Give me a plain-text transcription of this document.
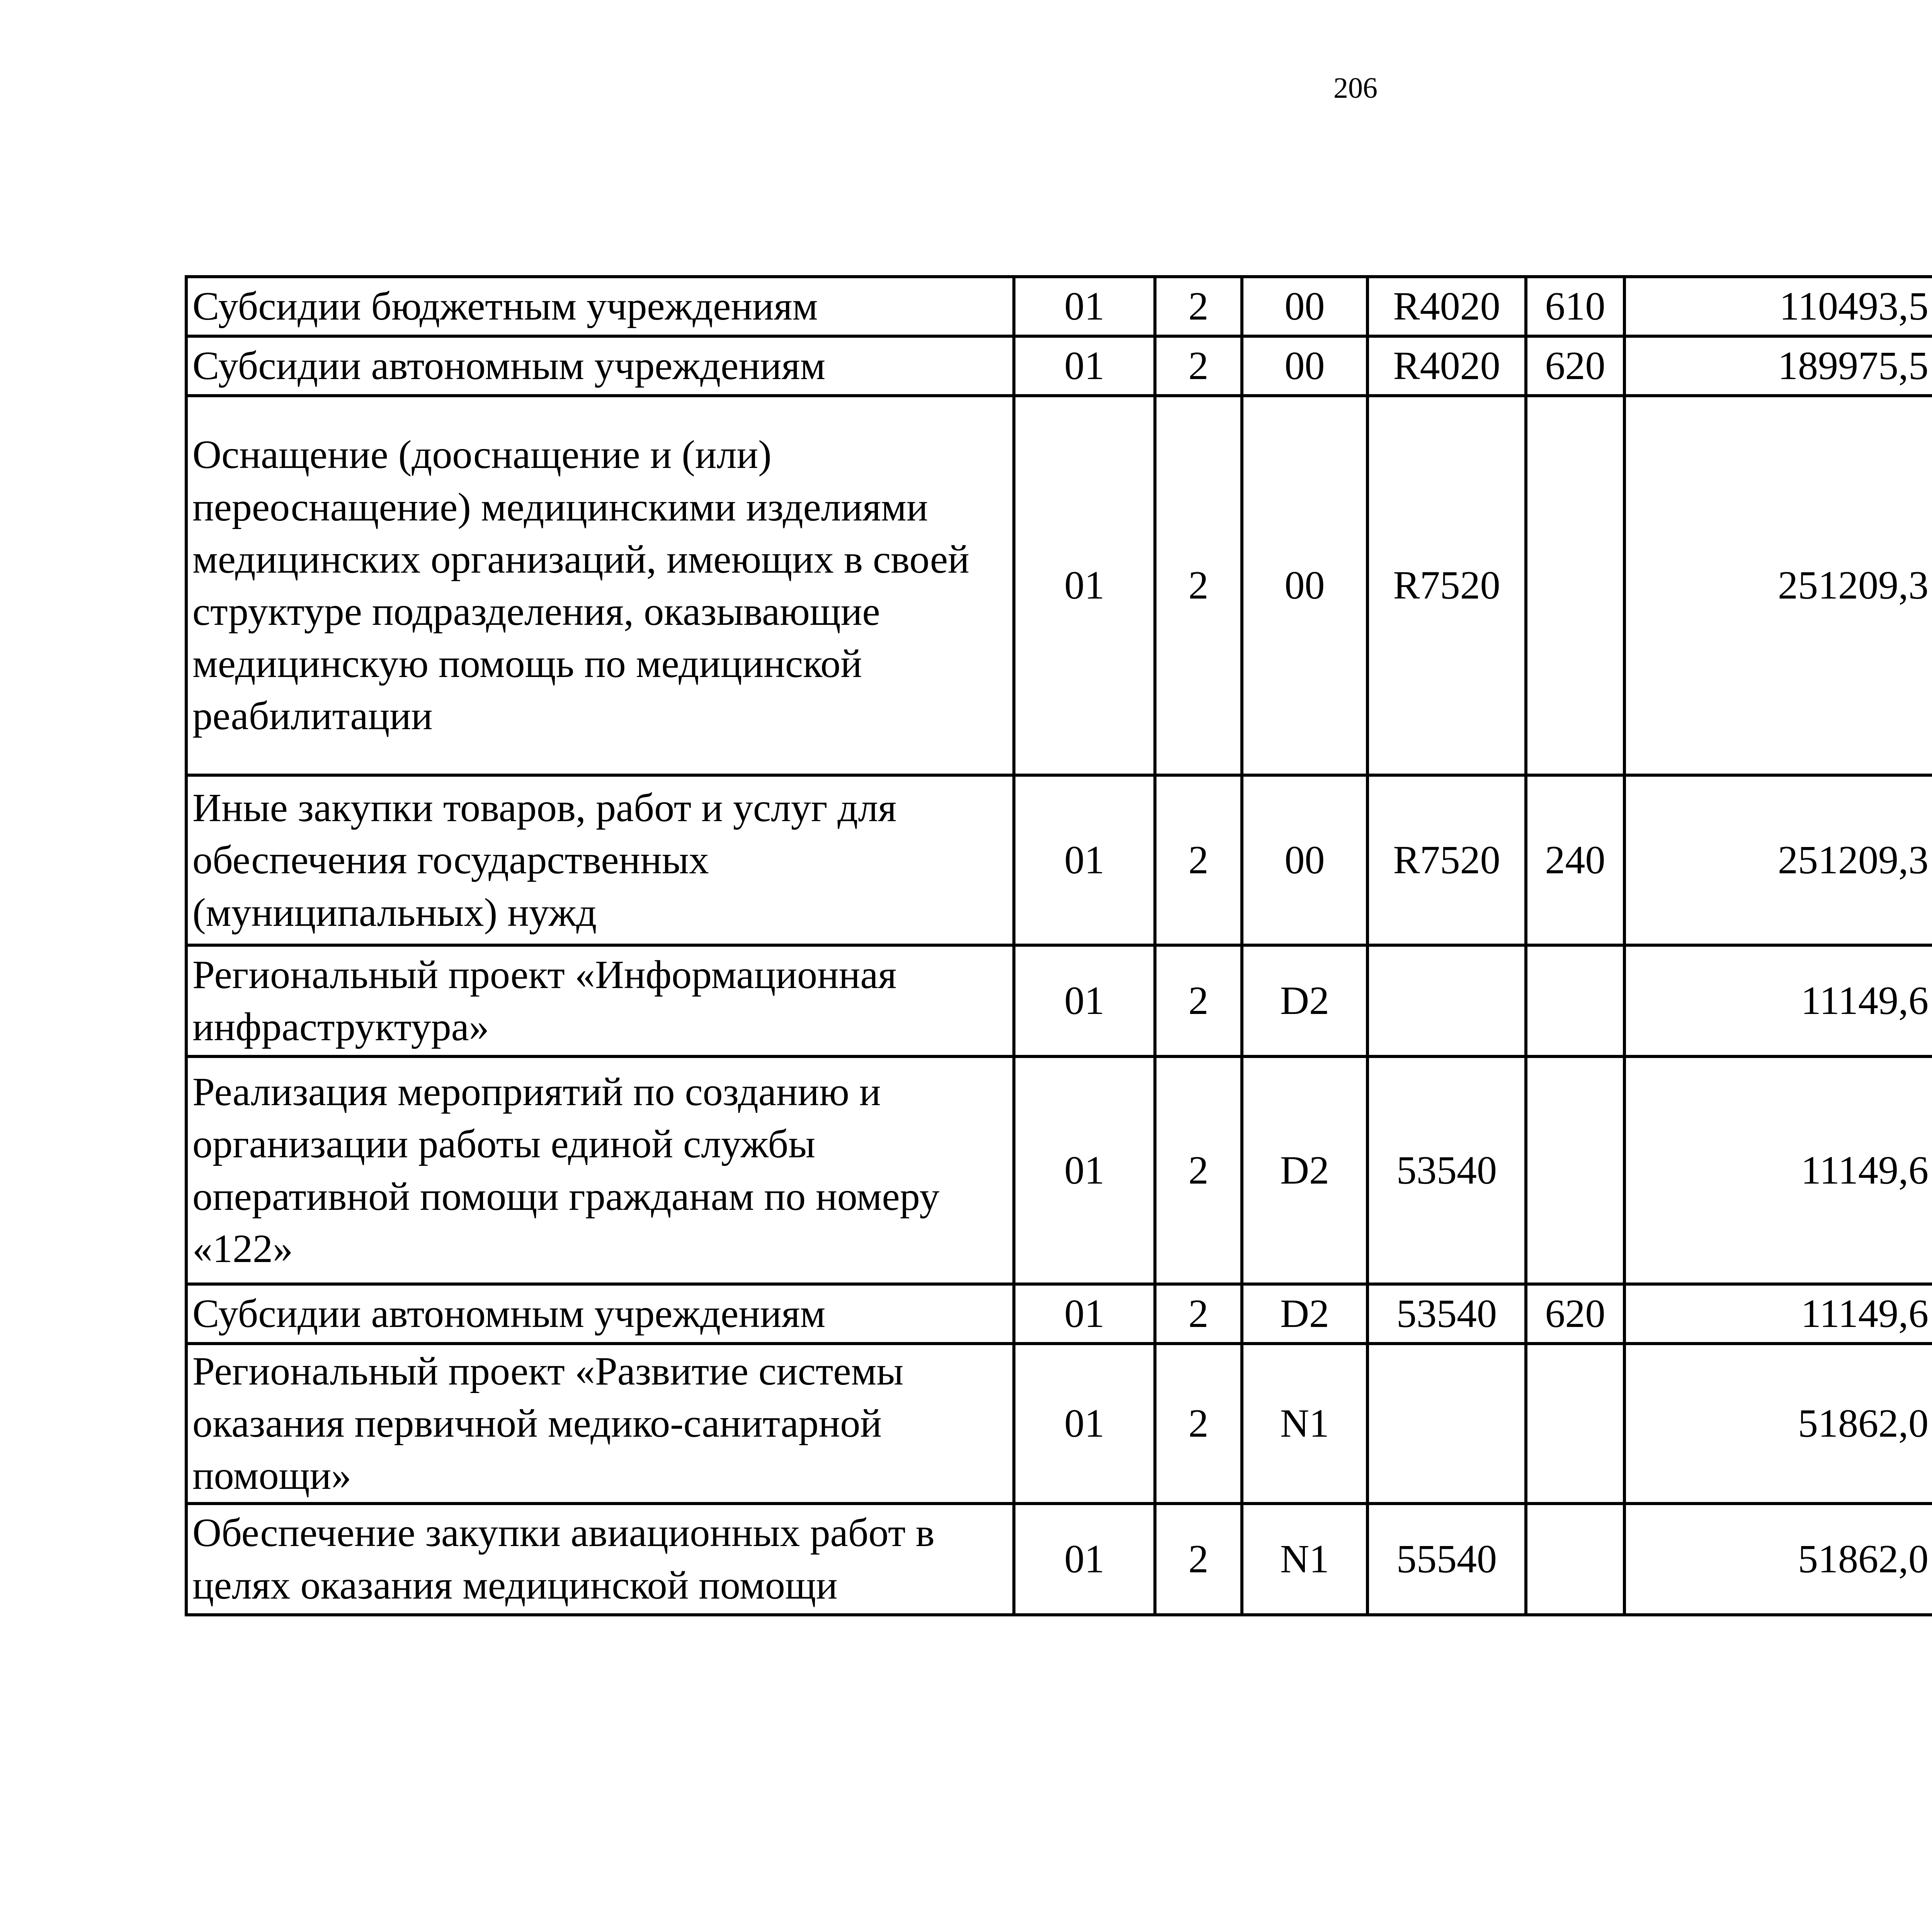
206
Субсидии бюджетным учреждениям	01	2	00	R4020	610	110493,5		
Субсидии автономным учреждениям	01	2	00	R4020	620	189975,5		
Оснащение (дооснащение и (или) переоснащение) медицинскими изделиями медицинских организаций, имеющих в своей структуре подразделения, оказывающие медицинскую помощь по медицинской реабилитации	01	2	00	R7520		251209,3		
Иные закупки товаров, работ и услуг для обеспечения государственных (муниципальных) нужд	01	2	00	R7520	240	251209,3		
Региональный проект «Информационная инфраструктура»	01	2	D2			11149,6		
Реализация мероприятий по созданию и организации работы единой службы оперативной помощи гражданам по номеру «122»	01	2	D2	53540		11149,6		
Субсидии автономным учреждениям	01	2	D2	53540	620	11149,6		
Региональный проект «Развитие системы оказания первичной медико-санитарной помощи»	01	2	N1			51862,0		
Обеспечение закупки авиационных работ в целях оказания медицинской помощи	01	2	N1	55540		51862,0		
